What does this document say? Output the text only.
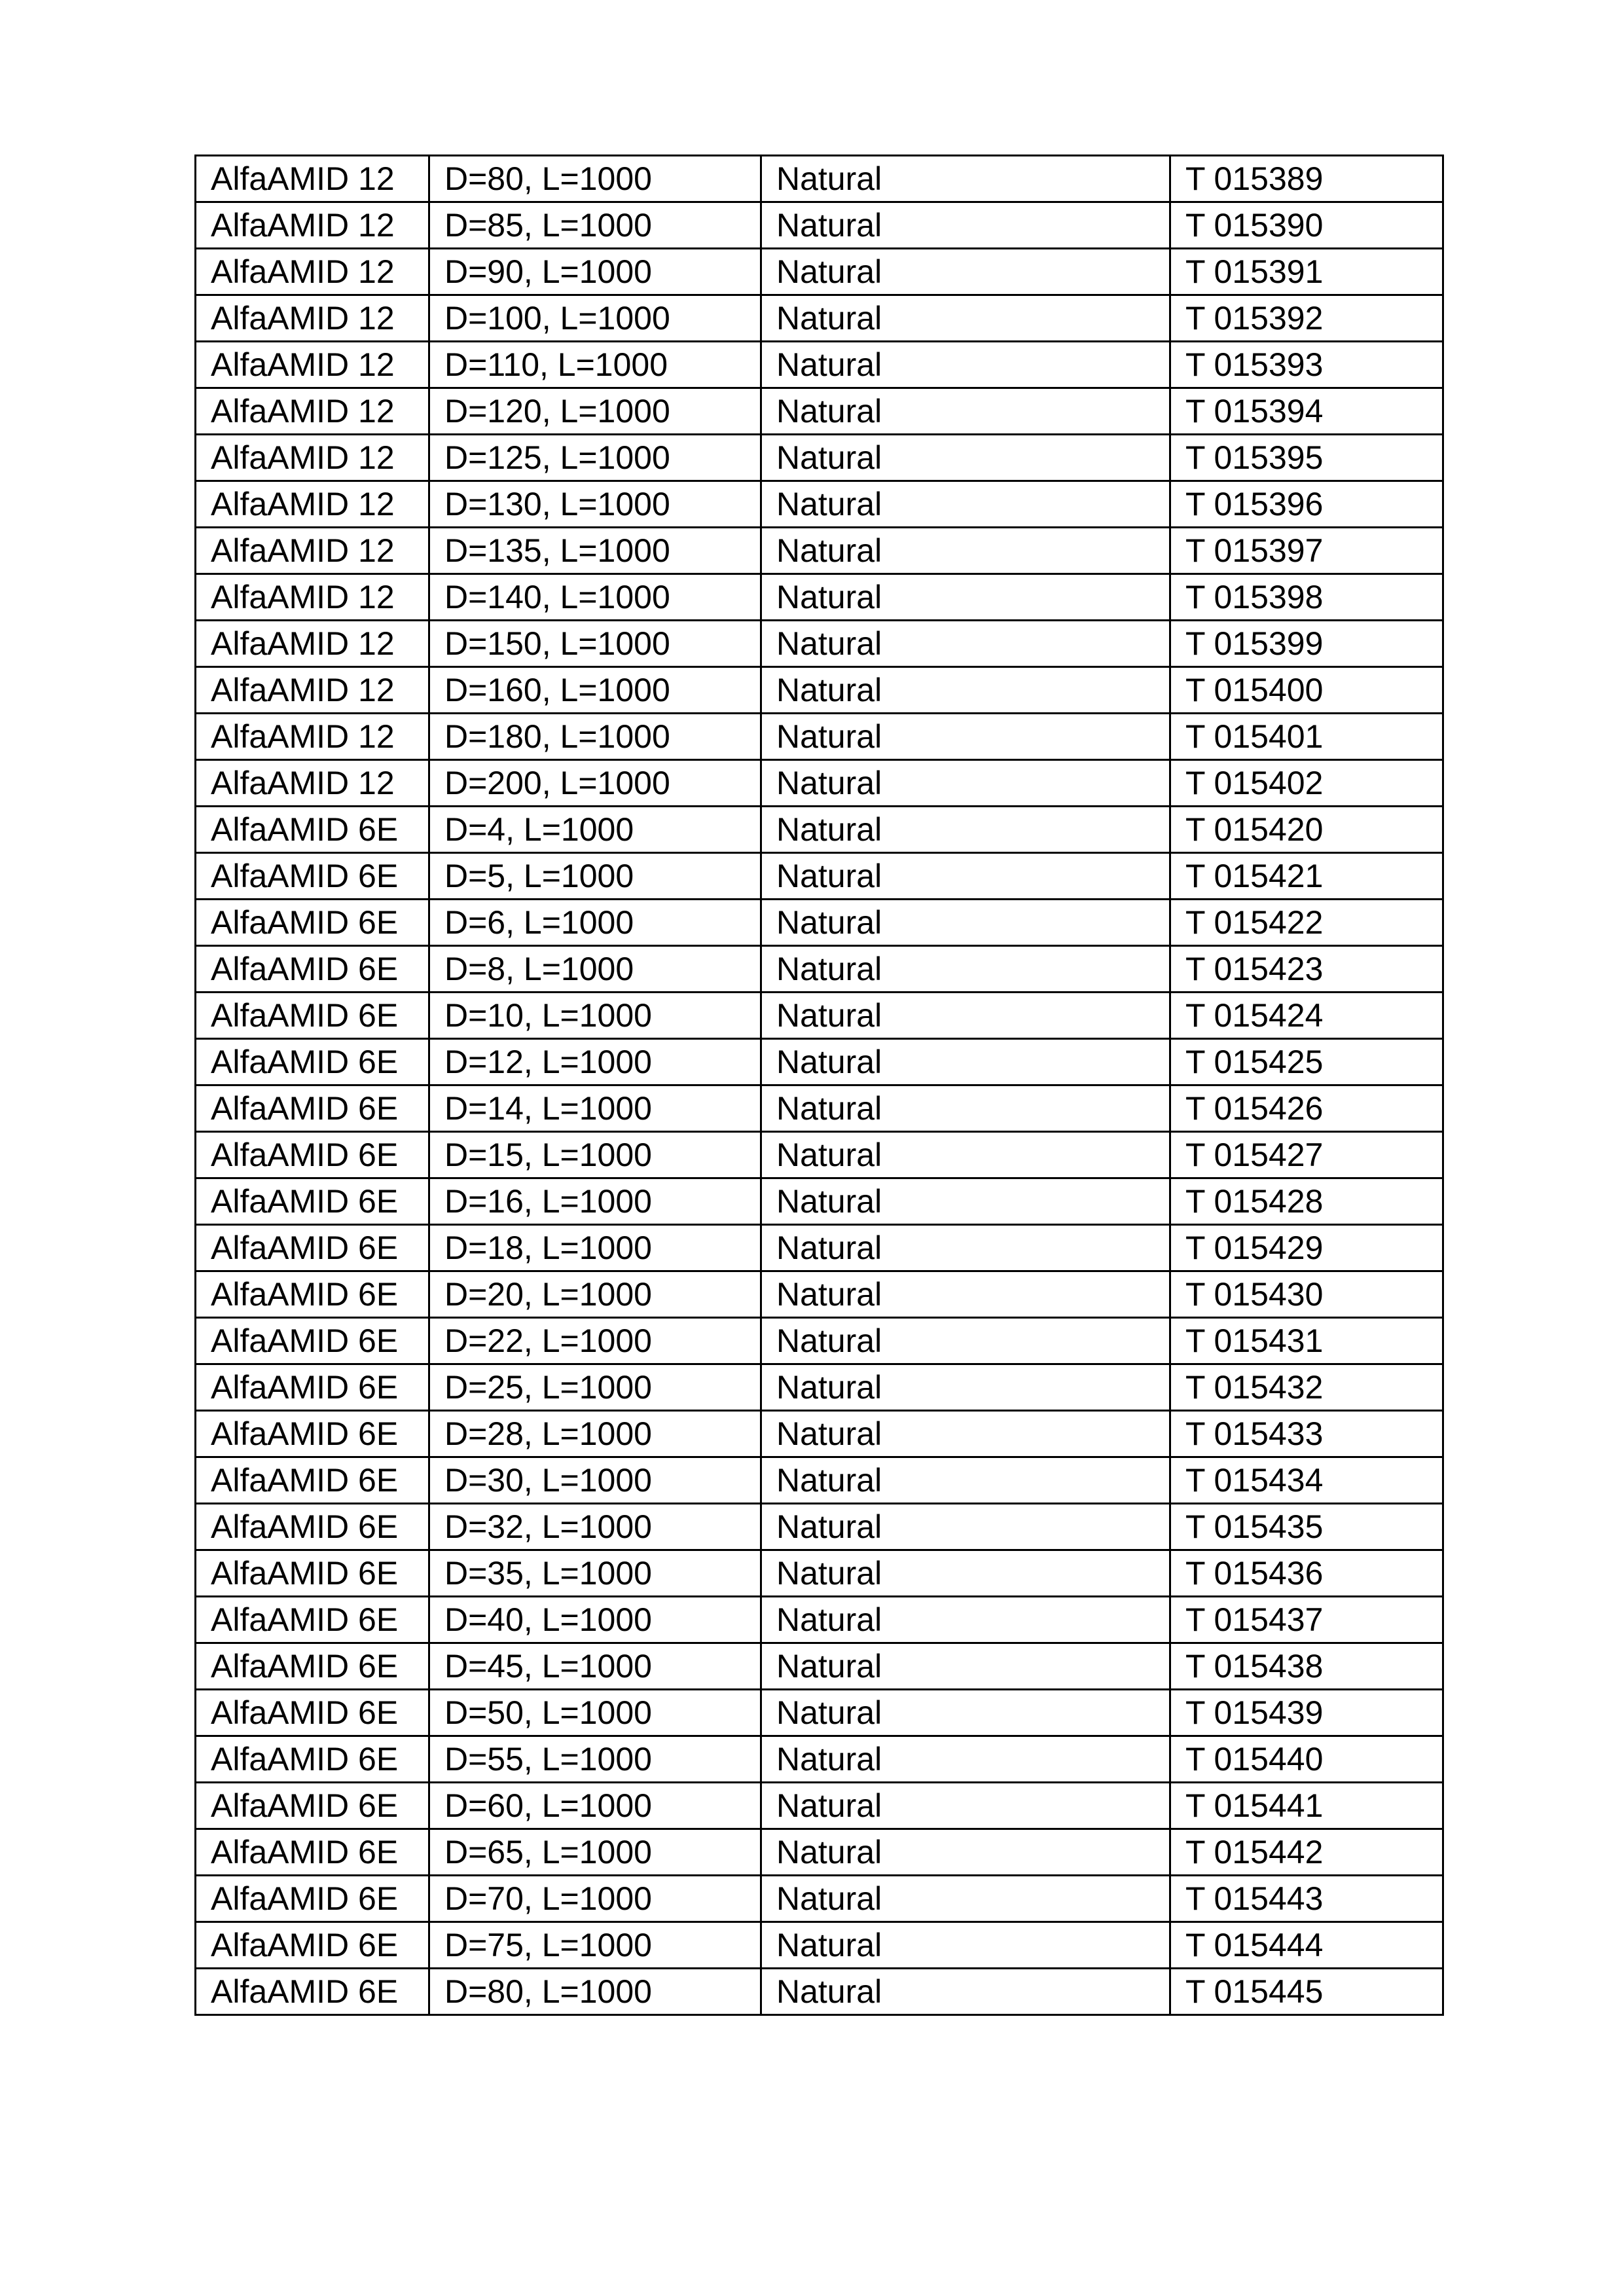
AlfaAMID 12	D=80, L=1000	Natural	T 015389
AlfaAMID 12	D=85, L=1000	Natural	T 015390
AlfaAMID 12	D=90, L=1000	Natural	T 015391
AlfaAMID 12	D=100, L=1000	Natural	T 015392
AlfaAMID 12	D=110, L=1000	Natural	T 015393
AlfaAMID 12	D=120, L=1000	Natural	T 015394
AlfaAMID 12	D=125, L=1000	Natural	T 015395
AlfaAMID 12	D=130, L=1000	Natural	T 015396
AlfaAMID 12	D=135, L=1000	Natural	T 015397
AlfaAMID 12	D=140, L=1000	Natural	T 015398
AlfaAMID 12	D=150, L=1000	Natural	T 015399
AlfaAMID 12	D=160, L=1000	Natural	T 015400
AlfaAMID 12	D=180, L=1000	Natural	T 015401
AlfaAMID 12	D=200, L=1000	Natural	T 015402
AlfaAMID 6E	D=4, L=1000	Natural	T 015420
AlfaAMID 6E	D=5, L=1000	Natural	T 015421
AlfaAMID 6E	D=6, L=1000	Natural	T 015422
AlfaAMID 6E	D=8, L=1000	Natural	T 015423
AlfaAMID 6E	D=10, L=1000	Natural	T 015424
AlfaAMID 6E	D=12, L=1000	Natural	T 015425
AlfaAMID 6E	D=14, L=1000	Natural	T 015426
AlfaAMID 6E	D=15, L=1000	Natural	T 015427
AlfaAMID 6E	D=16, L=1000	Natural	T 015428
AlfaAMID 6E	D=18, L=1000	Natural	T 015429
AlfaAMID 6E	D=20, L=1000	Natural	T 015430
AlfaAMID 6E	D=22, L=1000	Natural	T 015431
AlfaAMID 6E	D=25, L=1000	Natural	T 015432
AlfaAMID 6E	D=28, L=1000	Natural	T 015433
AlfaAMID 6E	D=30, L=1000	Natural	T 015434
AlfaAMID 6E	D=32, L=1000	Natural	T 015435
AlfaAMID 6E	D=35, L=1000	Natural	T 015436
AlfaAMID 6E	D=40, L=1000	Natural	T 015437
AlfaAMID 6E	D=45, L=1000	Natural	T 015438
AlfaAMID 6E	D=50, L=1000	Natural	T 015439
AlfaAMID 6E	D=55, L=1000	Natural	T 015440
AlfaAMID 6E	D=60, L=1000	Natural	T 015441
AlfaAMID 6E	D=65, L=1000	Natural	T 015442
AlfaAMID 6E	D=70, L=1000	Natural	T 015443
AlfaAMID 6E	D=75, L=1000	Natural	T 015444
AlfaAMID 6E	D=80, L=1000	Natural	T 015445
